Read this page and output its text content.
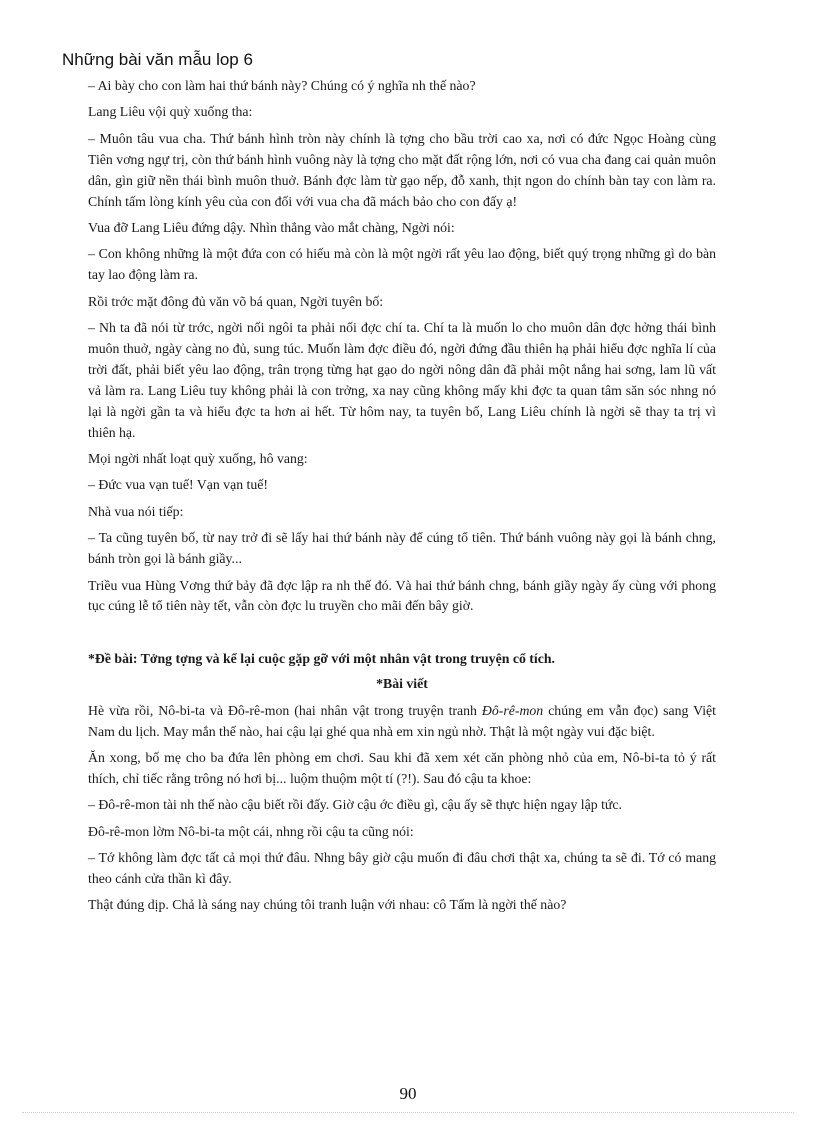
Những bài văn mẫu lop 6

‒ Ai bày cho con làm hai thứ bánh này? Chúng có ý nghĩa nh thế nào?

Lang Liêu vội quỳ xuống tha:

‒ Muôn tâu vua cha. Thứ bánh hình tròn này chính là tợng cho bầu trời cao xa, nơi có đức Ngọc Hoàng cùng Tiên vơng ngự trị, còn thứ bánh hình vuông này là tợng cho mặt đất rộng lớn, nơi có vua cha đang cai quản muôn dân, gìn giữ nền thái bình muôn thuở. Bánh đợc làm từ gạo nếp, đỗ xanh, thịt ngon do chính bàn tay con làm ra. Chính tấm lòng kính yêu của con đối với vua cha đã mách bảo cho con đấy ạ!

Vua đỡ Lang Liêu đứng dậy. Nhìn thẳng vào mắt chàng, Ngời nói:

‒ Con không những là một đứa con có hiếu mà còn là một ngời rất yêu lao động, biết quý trọng những gì do bàn tay lao động làm ra.

Rồi trớc mặt đông đủ văn võ bá quan, Ngời tuyên bố:

‒ Nh ta đã nói từ trớc, ngời nối ngôi ta phải nối đợc chí ta. Chí ta là muốn lo cho muôn dân đợc hởng thái bình muôn thuở, ngày càng no đủ, sung túc. Muốn làm đợc điều đó, ngời đứng đầu thiên hạ phải hiểu đợc nghĩa lí của trời đất, phải biết yêu lao động, trân trọng từng hạt gạo do ngời nông dân đã phải một nắng hai sơng, lam lũ vất vả làm ra. Lang Liêu tuy không phải là con trởng, xa nay cũng không mấy khi đợc ta quan tâm săn sóc nhng nó lại là ngời gần ta và hiểu đợc ta hơn ai hết. Từ hôm nay, ta tuyên bố, Lang Liêu chính là ngời sẽ thay ta trị vì thiên hạ.

Mọi ngời nhất loạt quỳ xuống, hô vang:

‒ Đức vua vạn tuế! Vạn vạn tuế!

Nhà vua nói tiếp:

‒ Ta cũng tuyên bố, từ nay trở đi sẽ lấy hai thứ bánh này để cúng tổ tiên. Thứ bánh vuông này gọi là bánh chng, bánh tròn gọi là bánh giầy...

Triều vua Hùng Vơng thứ bảy đã đợc lập ra nh thế đó. Và hai thứ bánh chng, bánh giầy ngày ấy cùng với phong tục cúng lễ tổ tiên này tết, vẫn còn đợc lu truyền cho mãi đến bây giờ.

*Đề bài: Tởng tợng và kể lại cuộc gặp gỡ với một nhân vật trong truyện cổ tích.

*Bài viết

Hè vừa rồi, Nô-bi-ta và Đô-rê-mon (hai nhân vật trong truyện tranh Đô-rê-mon chúng em vẫn đọc) sang Việt Nam du lịch. May mắn thế nào, hai cậu lại ghé qua nhà em xin ngủ nhờ. Thật là một ngày vui đặc biệt.

Ăn xong, bố mẹ cho ba đứa lên phòng em chơi. Sau khi đã xem xét căn phòng nhỏ của em, Nô-bi-ta tỏ ý rất thích, chỉ tiếc rằng trông nó hơi bị... luộm thuộm một tí (?!). Sau đó cậu ta khoe:

‒ Đô-rê-mon tài nh thế nào cậu biết rồi đấy. Giờ cậu ớc điều gì, cậu ấy sẽ thực hiện ngay lập tức.

Đô-rê-mon lờm Nô-bi-ta một cái, nhng rồi cậu ta cũng nói:

‒ Tớ không làm đợc tất cả mọi thứ đâu. Nhng bây giờ cậu muốn đi đâu chơi thật xa, chúng ta sẽ đi. Tớ có mang theo cánh cửa thần kì đây.

Thật đúng dịp. Chả là sáng nay chúng tôi tranh luận với nhau: cô Tấm là ngời thế nào?

90
